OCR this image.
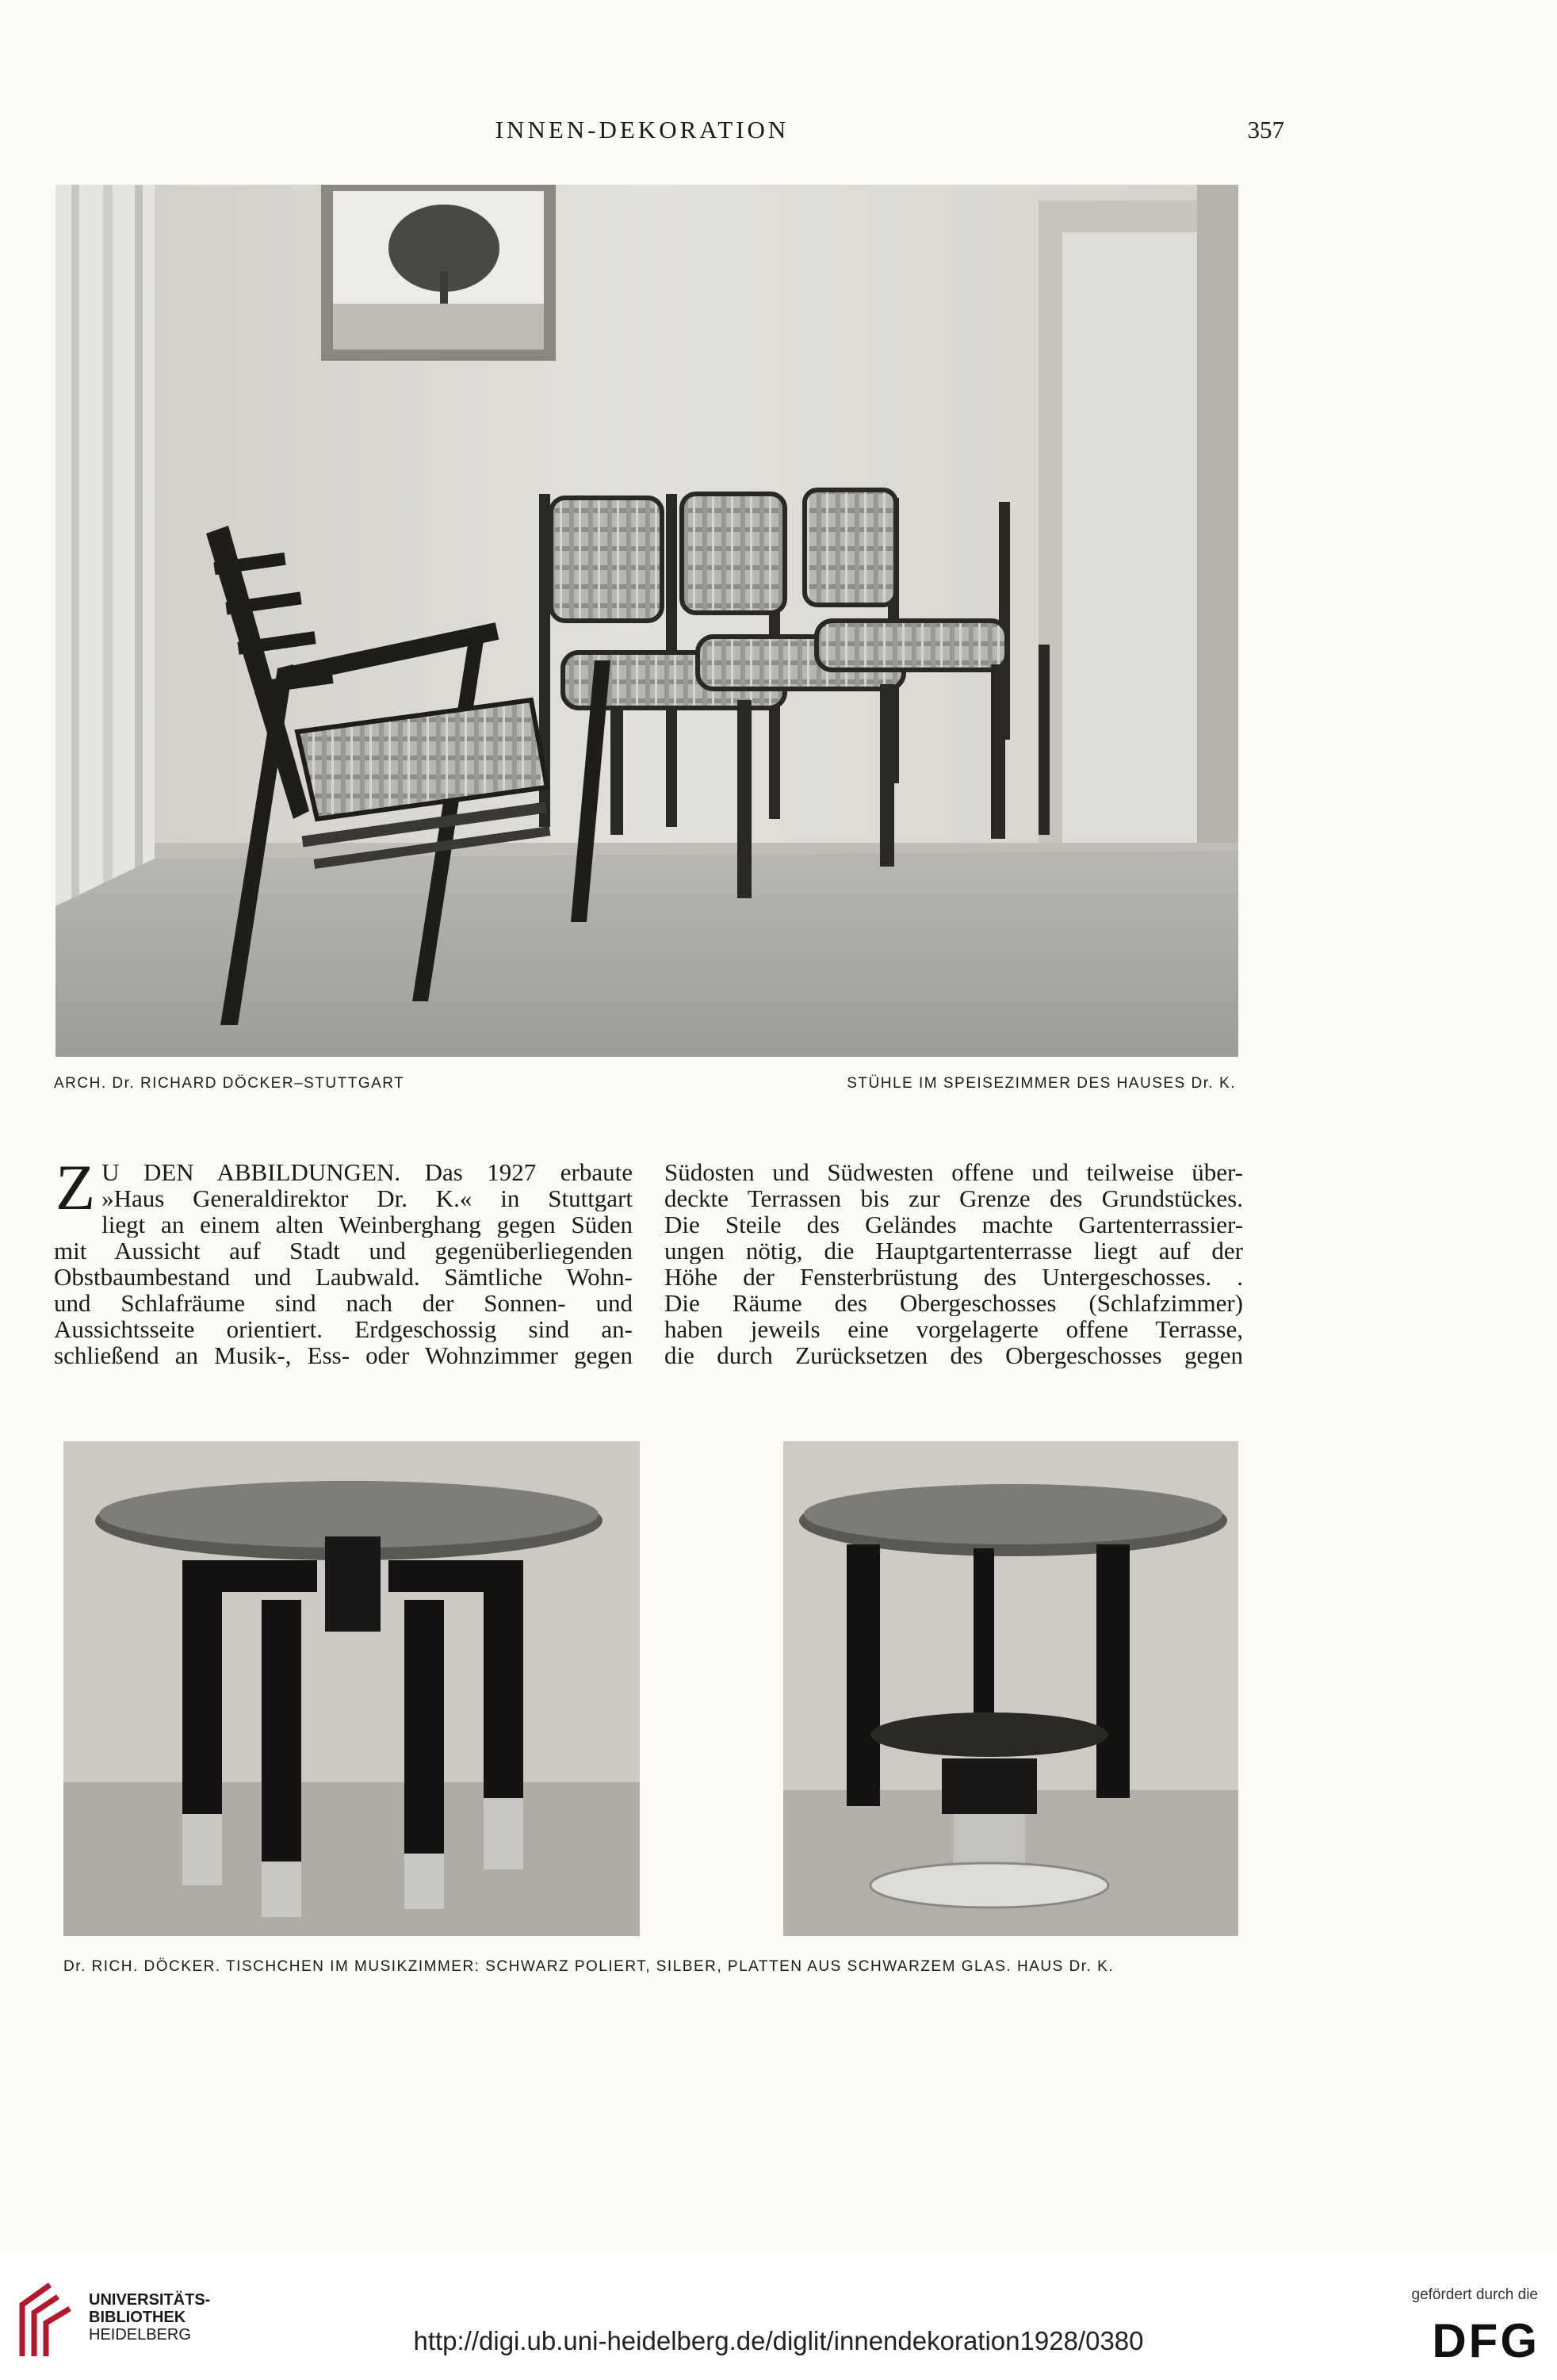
INNEN-DEKORATION	357
ARCH. Dr. RICHARD DÖCKER–STUTTGART	STÜHLE IM SPEISEZIMMER DES HAUSES Dr. K.
Z U DEN ABBILDUNGEN. Das 1927 erbaute
»Haus Generaldirektor Dr. K.« in Stuttgart
liegt an einem alten Weinberghang gegen Süden
mit Aussicht auf Stadt und gegenüberliegenden
Obstbaumbestand und Laubwald. Sämtliche Wohn-
und Schlafräume sind nach der Sonnen- und
Aussichtsseite orientiert. Erdgeschossig sind an-
schließend an Musik-, Ess- oder Wohnzimmer gegen
Südosten und Südwesten offene und teilweise über-
deckte Terrassen bis zur Grenze des Grundstückes.
Die Steile des Geländes machte Gartenterrassier-
ungen nötig, die Hauptgartenterrasse liegt auf der
Höhe der Fensterbrüstung des Untergeschosses. .
Die Räume des Obergeschosses (Schlafzimmer)
haben jeweils eine vorgelagerte offene Terrasse,
die durch Zurücksetzen des Obergeschosses gegen
Dr. RICH. DÖCKER. TISCHCHEN IM MUSIKZIMMER: SCHWARZ POLIERT, SILBER, PLATTEN AUS SCHWARZEM GLAS. HAUS Dr. K.
UNIVERSITÄTS-
BIBLIOTHEK
HEIDELBERG	http://digi.ub.uni-heidelberg.de/diglit/innendekoration1928/0380
gefördert durch die
DFG
